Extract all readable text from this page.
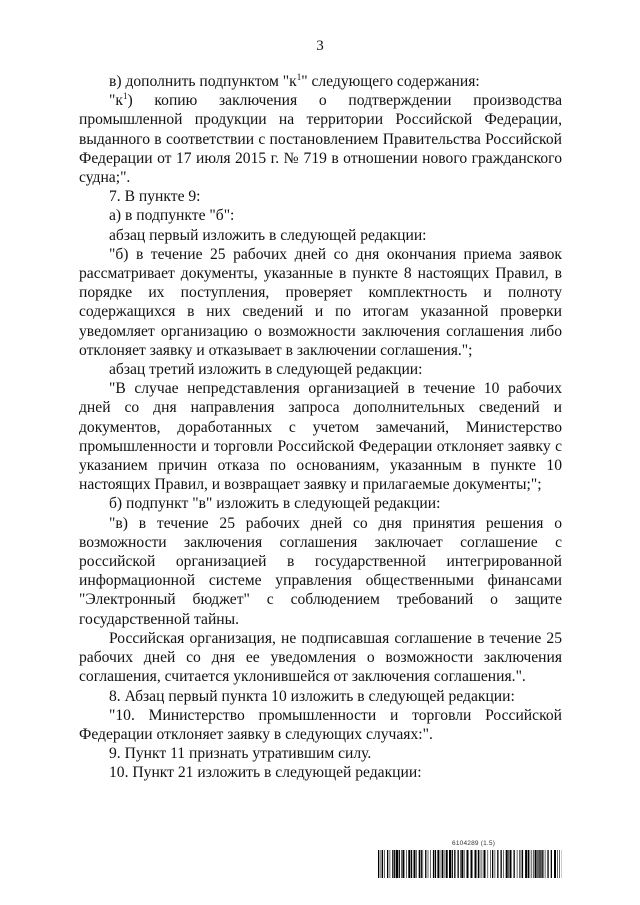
3

в) дополнить подпунктом "$к^1$" следующего содержания:

"$к^1$) копию заключения о подтверждении производства промышленной продукции на территории Российской Федерации, выданного в соответствии с постановлением Правительства Российской Федерации от 17 июля 2015 г. № 719 в отношении нового гражданского судна;".

7. В пункте 9:

а) в подпункте "б":

абзац первый изложить в следующей редакции:

"б) в течение 25 рабочих дней со дня окончания приема заявок рассматривает документы, указанные в пункте 8 настоящих Правил, в порядке их поступления, проверяет комплектность и полноту содержащихся в них сведений и по итогам указанной проверки уведомляет организацию о возможности заключения соглашения либо отклоняет заявку и отказывает в заключении соглашения.";

абзац третий изложить в следующей редакции:

"В случае непредставления организацией в течение 10 рабочих дней со дня направления запроса дополнительных сведений и документов, доработанных с учетом замечаний, Министерство промышленности и торговли Российской Федерации отклоняет заявку с указанием причин отказа по основаниям, указанным в пункте 10 настоящих Правил, и возвращает заявку и прилагаемые документы;";

б) подпункт "в" изложить в следующей редакции:

"в) в течение 25 рабочих дней со дня принятия решения о возможности заключения соглашения заключает соглашение с российской организацией в государственной интегрированной информационной системе управления общественными финансами "Электронный бюджет" с соблюдением требований о защите государственной тайны.

Российская организация, не подписавшая соглашение в течение 25 рабочих дней со дня ее уведомления о возможности заключения соглашения, считается уклонившейся от заключения соглашения.".

8. Абзац первый пункта 10 изложить в следующей редакции:

"10. Министерство промышленности и торговли Российской Федерации отклоняет заявку в следующих случаях:".

9. Пункт 11 признать утратившим силу.

10. Пункт 21 изложить в следующей редакции:

6104289 (1.5)
